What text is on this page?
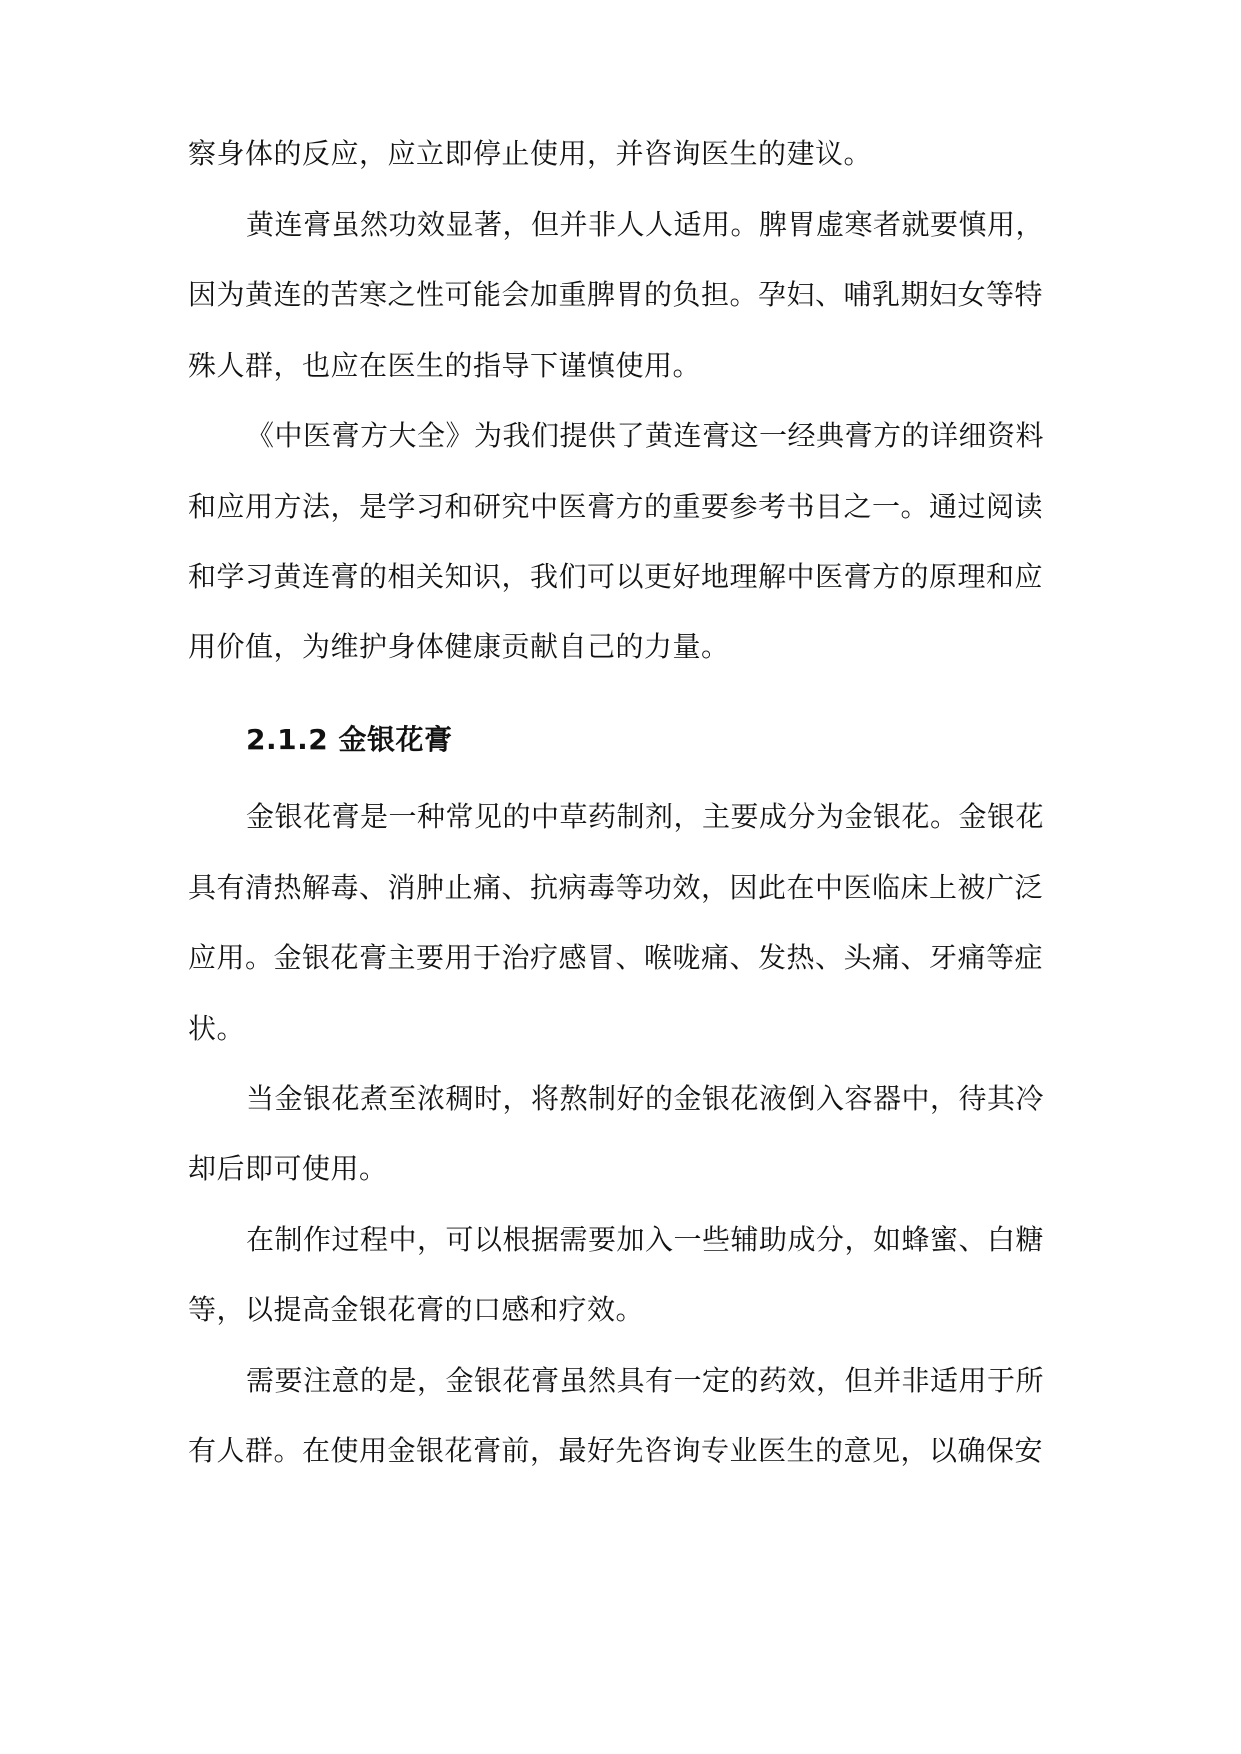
察身体的反应，应立即停止使用，并咨询医生的建议。

黄连膏虽然功效显著，但并非人人适用。脾胃虚寒者就要慎用，

因为黄连的苦寒之性可能会加重脾胃的负担。孕妇、哺乳期妇女等特

殊人群，也应在医生的指导下谨慎使用。

《中医膏方大全》为我们提供了黄连膏这一经典膏方的详细资料

和应用方法，是学习和研究中医膏方的重要参考书目之一。通过阅读

和学习黄连膏的相关知识，我们可以更好地理解中医膏方的原理和应

用价值，为维护身体健康贡献自己的力量。

2.1.2 金银花膏

金银花膏是一种常见的中草药制剂，主要成分为金银花。金银花

具有清热解毒、消肿止痛、抗病毒等功效，因此在中医临床上被广泛

应用。金银花膏主要用于治疗感冒、喉咙痛、发热、头痛、牙痛等症

状。

当金银花煮至浓稠时，将熬制好的金银花液倒入容器中，待其冷

却后即可使用。

在制作过程中，可以根据需要加入一些辅助成分，如蜂蜜、白糖

等，以提高金银花膏的口感和疗效。

需要注意的是，金银花膏虽然具有一定的药效，但并非适用于所

有人群。在使用金银花膏前，最好先咨询专业医生的意见，以确保安
